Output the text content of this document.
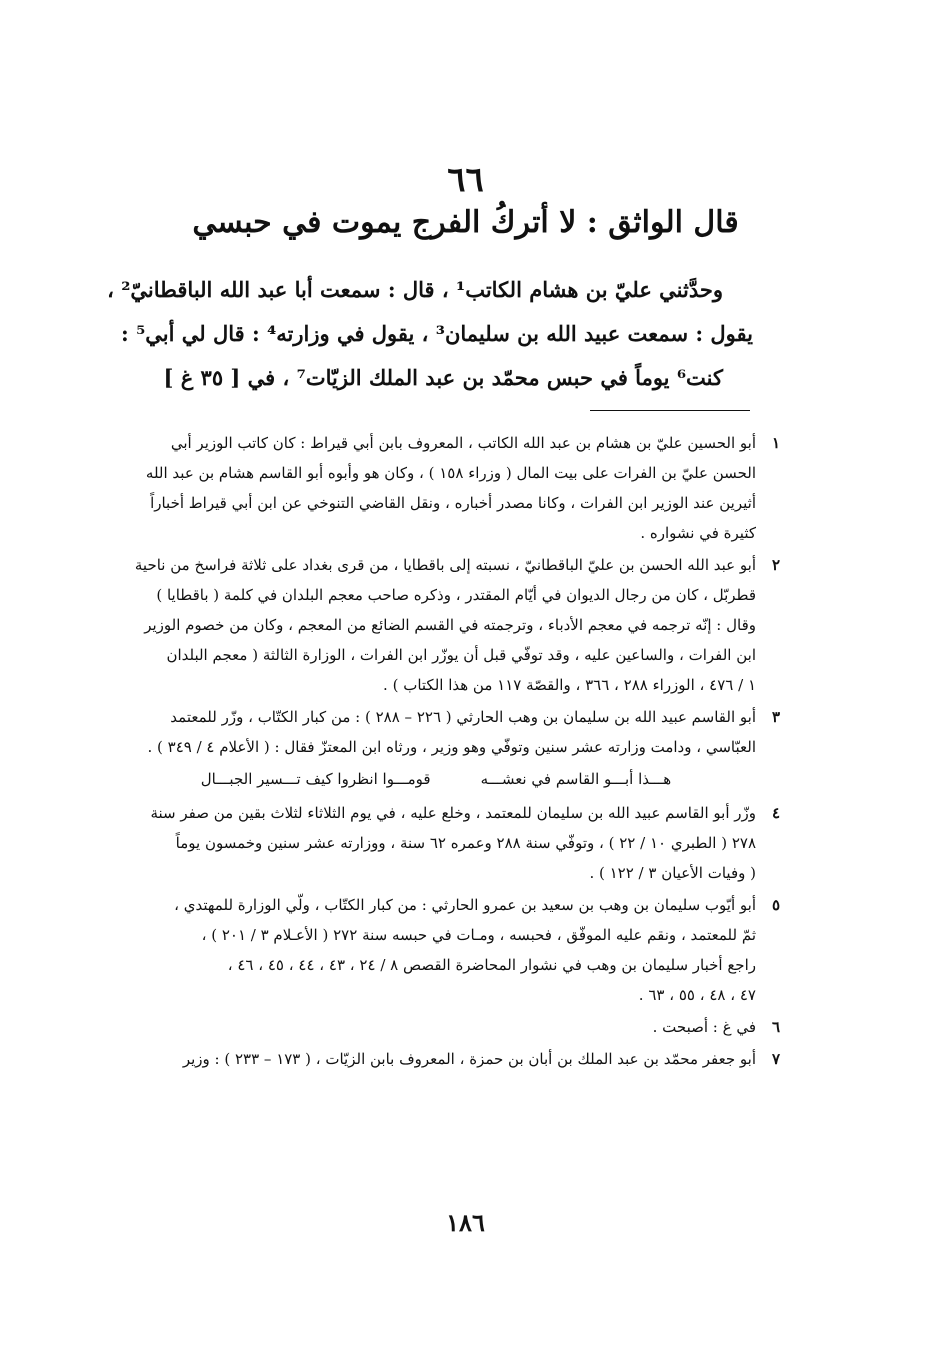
٦٦
قال الواثق : لا أتركُ الفرج يموت في حبسي
وحدَّثني عليّ بن هشام الكاتب¹ ، قال : سمعت أبا عبد الله الباقطانيّ² ،
يقول : سمعت عبيد الله بن سليمان³ ، يقول في وزارته⁴ : قال لي أبي⁵ :
كنت⁶ يوماً في حبس محمّد بن عبد الملك الزيّات⁷ ، في [ ٣٥ غ ]
١
أبو الحسين عليّ بن هشام بن عبد الله الكاتب ، المعروف بابن أبي قيراط : كان كاتب الوزير أبي
الحسن عليّ بن الفرات على بيت المال ( وزراء ١٥٨ ) ، وكان هو وأبوه أبو القاسم هشام بن عبد الله
أثيرين عند الوزير ابن الفرات ، وكانا مصدر أخباره ، ونقل القاضي التنوخي عن ابن أبي قيراط أخباراً
كثيرة في نشواره .
٢
أبو عبد الله الحسن بن عليّ الباقطانيّ ، نسبته إلى باقطايا ، من قرى بغداد على ثلاثة فراسخ من ناحية
قطربّل ، كان من رجال الديوان في أيّام المقتدر ، وذكره صاحب معجم البلدان في كلمة ( باقطايا )
وقال : إنّه ترجمه في معجم الأدباء ، وترجمته في القسم الضائع من المعجم ، وكان من خصوم الوزير
ابن الفرات ، والساعين عليه ، وقد توفّي قبل أن يوزّر ابن الفرات ، الوزارة الثالثة ( معجم البلدان
١ / ٤٧٦ ، الوزراء ٢٨٨ ، ٣٦٦ ، والقصّة ١١٧ من هذا الكتاب ) .
٣
أبو القاسم عبيد الله بن سليمان بن وهب الحارثي ( ٢٢٦ – ٢٨٨ ) : من كبار الكتّاب ، وزّر للمعتمد
العبّاسي ، ودامت وزارته عشر سنين وتوفّي وهو وزير ، ورثاه ابن المعتزّ فقال : ( الأعلام ٤ / ٣٤٩ ) .
هـــذا أبـــو القاسم في نعشـــه
قومـــوا انظروا كيف تـــسير الجبـــال
٤
وزّر أبو القاسم عبيد الله بن سليمان للمعتمد ، وخلع عليه ، في يوم الثلاثاء لثلاث بقين من صفر سنة
٢٧٨ ( الطبري ١٠ / ٢٢ ) ، وتوفّي سنة ٢٨٨ وعمره ٦٢ سنة ، ووزارته عشر سنين وخمسون يوماً
( وفيات الأعيان ٣ / ١٢٢ ) .
٥
أبو أيّوب سليمان بن وهب بن سعيد بن عمرو الحارثي : من كبار الكتّاب ، ولّي الوزارة للمهتدي ،
ثمّ للمعتمد ، ونقم عليه الموفّق ، فحبسه ، ومـات في حبسه سنة ٢٧٢ ( الأعـلام ٣ / ٢٠١ ) ،
راجع أخبار سليمان بن وهب في نشوار المحاضرة القصص ٨ / ٢٤ ، ٤٣ ، ٤٤ ، ٤٥ ، ٤٦ ،
٤٧ ، ٤٨ ، ٥٥ ، ٦٣ .
٦
في غ : أصبحت .
٧
أبو جعفر محمّد بن عبد الملك بن أبان بن حمزة ، المعروف بابن الزيّات ، ( ١٧٣ – ٢٣٣ ) : وزير
١٨٦
